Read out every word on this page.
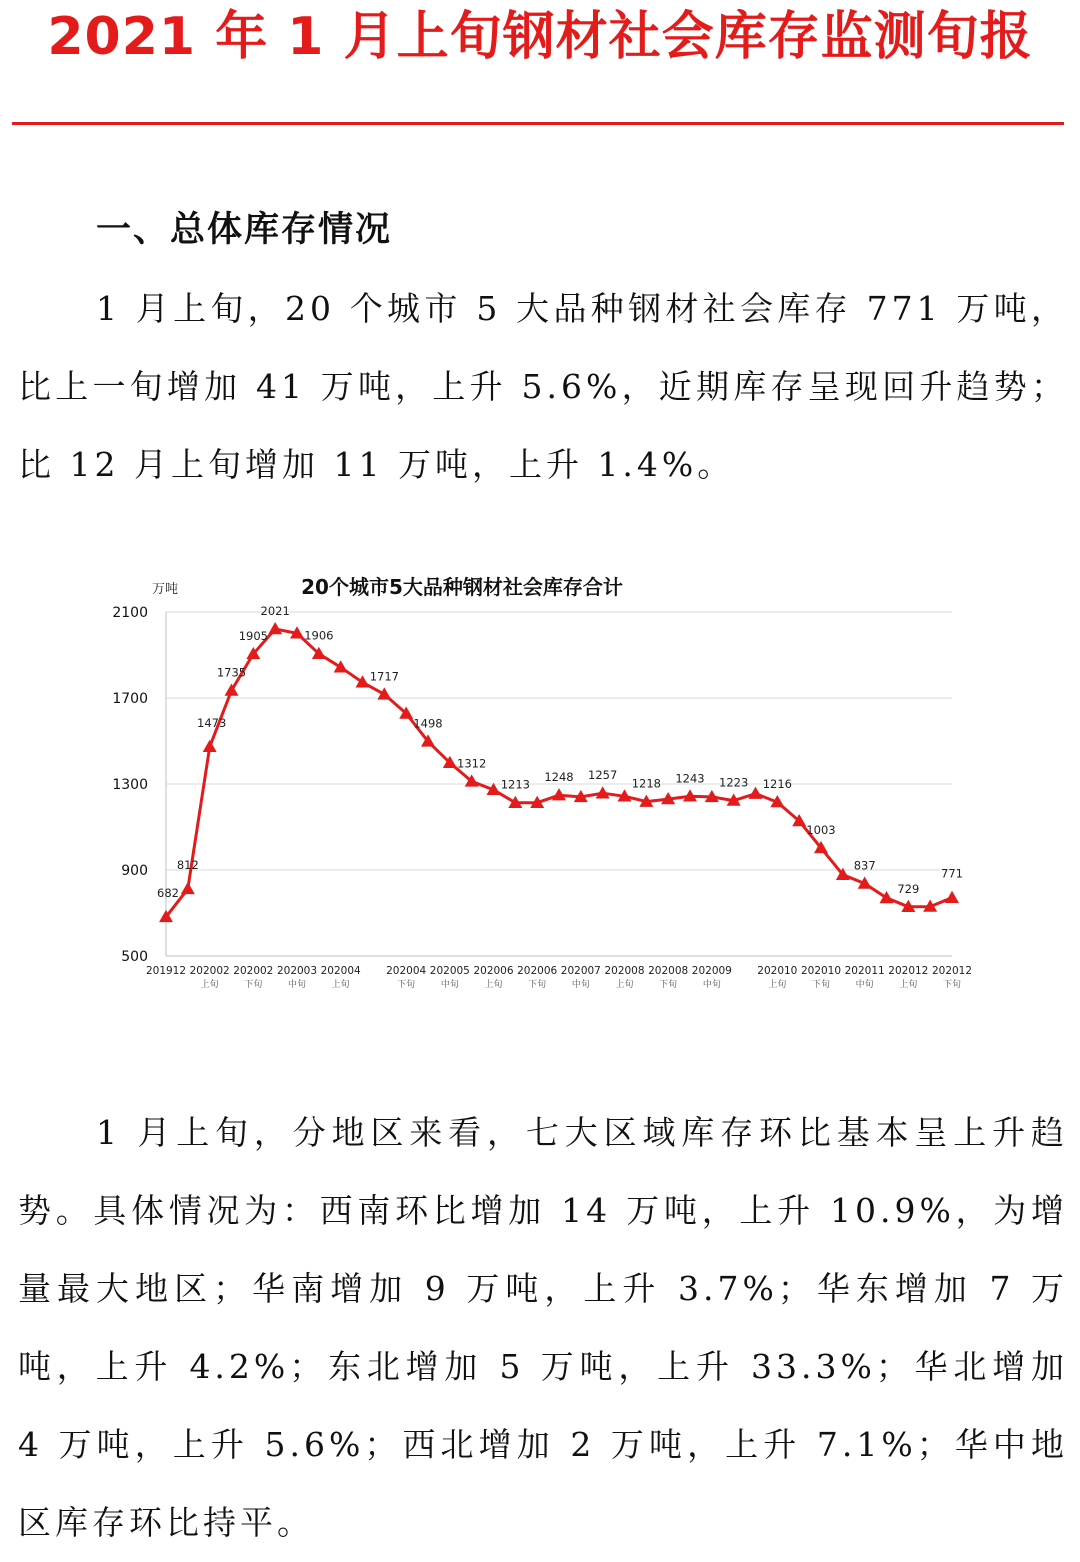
2021 年 1 月上旬钢材社会库存监测旬报
一、总体库存情况

1 月上旬，20 个城市 5 大品种钢材社会库存 771 万吨，比上一旬增加 41 万吨，上升 5.6%，近期库存呈现回升趋势；比 12 月上旬增加 11 万吨，上升 1.4%。

20个城市5大品种钢材社会库存合计
万吨
500
900
1300
1700
2100
201912 202002
上旬
202002
下旬
202003
中旬
202004
上旬
202004
下旬
202005
中旬
202006
上旬
202006
下旬
202007
中旬
202008
上旬
202008
下旬
202009
中旬
202010
上旬
202010
下旬
202011
中旬
202012
上旬
202012
下旬
682
812
1473
1735
1905
2021
1906
1717
1498
1312
1213
1248 1257
1218 1243 1223 1216
1003
837
729
771

1 月上旬，分地区来看，七大区域库存环比基本呈上升趋势。具体情况为：西南环比增加 14 万吨，上升 10.9%，为增量最大地区；华南增加 9 万吨，上升 3.7%；华东增加 7 万吨，上升 4.2%；东北增加 5 万吨，上升 33.3%；华北增加 4 万吨，上升 5.6%；西北增加 2 万吨，上升 7.1%；华中地区库存环比持平。
